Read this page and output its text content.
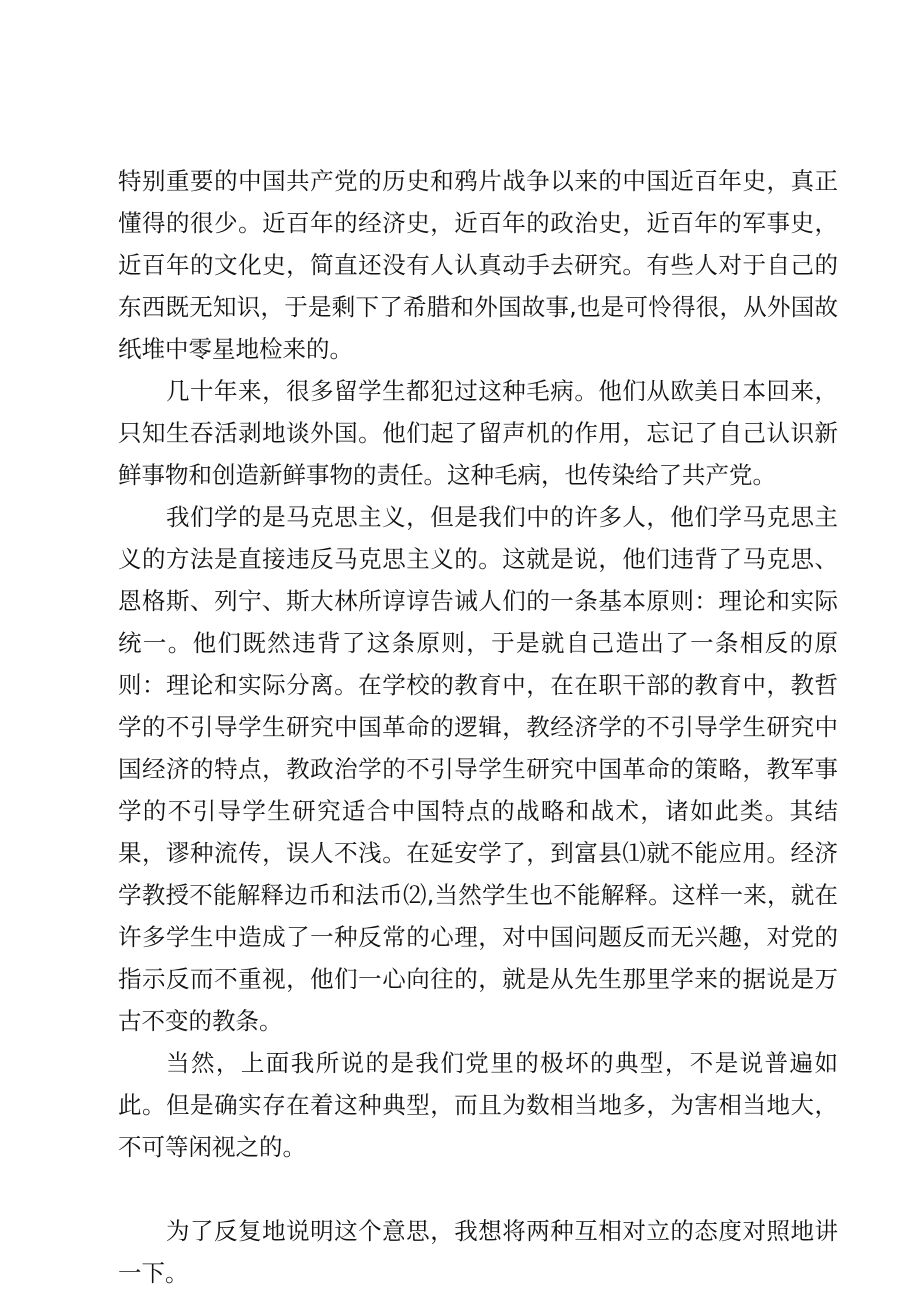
特别重要的中国共产党的历史和鸦片战争以来的中国近百年史，真正懂得的很少。近百年的经济史，近百年的政治史，近百年的军事史，近百年的文化史，简直还没有人认真动手去研究。有些人对于自己的东西既无知识，于是剩下了希腊和外国故事,也是可怜得很，从外国故纸堆中零星地检来的。

几十年来，很多留学生都犯过这种毛病。他们从欧美日本回来，只知生吞活剥地谈外国。他们起了留声机的作用，忘记了自己认识新鲜事物和创造新鲜事物的责任。这种毛病，也传染给了共产党。

我们学的是马克思主义，但是我们中的许多人，他们学马克思主义的方法是直接违反马克思主义的。这就是说，他们违背了马克思、恩格斯、列宁、斯大林所谆谆告诫人们的一条基本原则：理论和实际统一。他们既然违背了这条原则，于是就自己造出了一条相反的原则：理论和实际分离。在学校的教育中，在在职干部的教育中，教哲学的不引导学生研究中国革命的逻辑，教经济学的不引导学生研究中国经济的特点，教政治学的不引导学生研究中国革命的策略，教军事学的不引导学生研究适合中国特点的战略和战术，诸如此类。其结果，谬种流传，误人不浅。在延安学了，到富县⑴就不能应用。经济学教授不能解释边币和法币⑵,当然学生也不能解释。这样一来，就在许多学生中造成了一种反常的心理，对中国问题反而无兴趣，对党的指示反而不重视，他们一心向往的，就是从先生那里学来的据说是万古不变的教条。

当然，上面我所说的是我们党里的极坏的典型，不是说普遍如此。但是确实存在着这种典型，而且为数相当地多，为害相当地大，不可等闲视之的。

为了反复地说明这个意思，我想将两种互相对立的态度对照地讲一下。
